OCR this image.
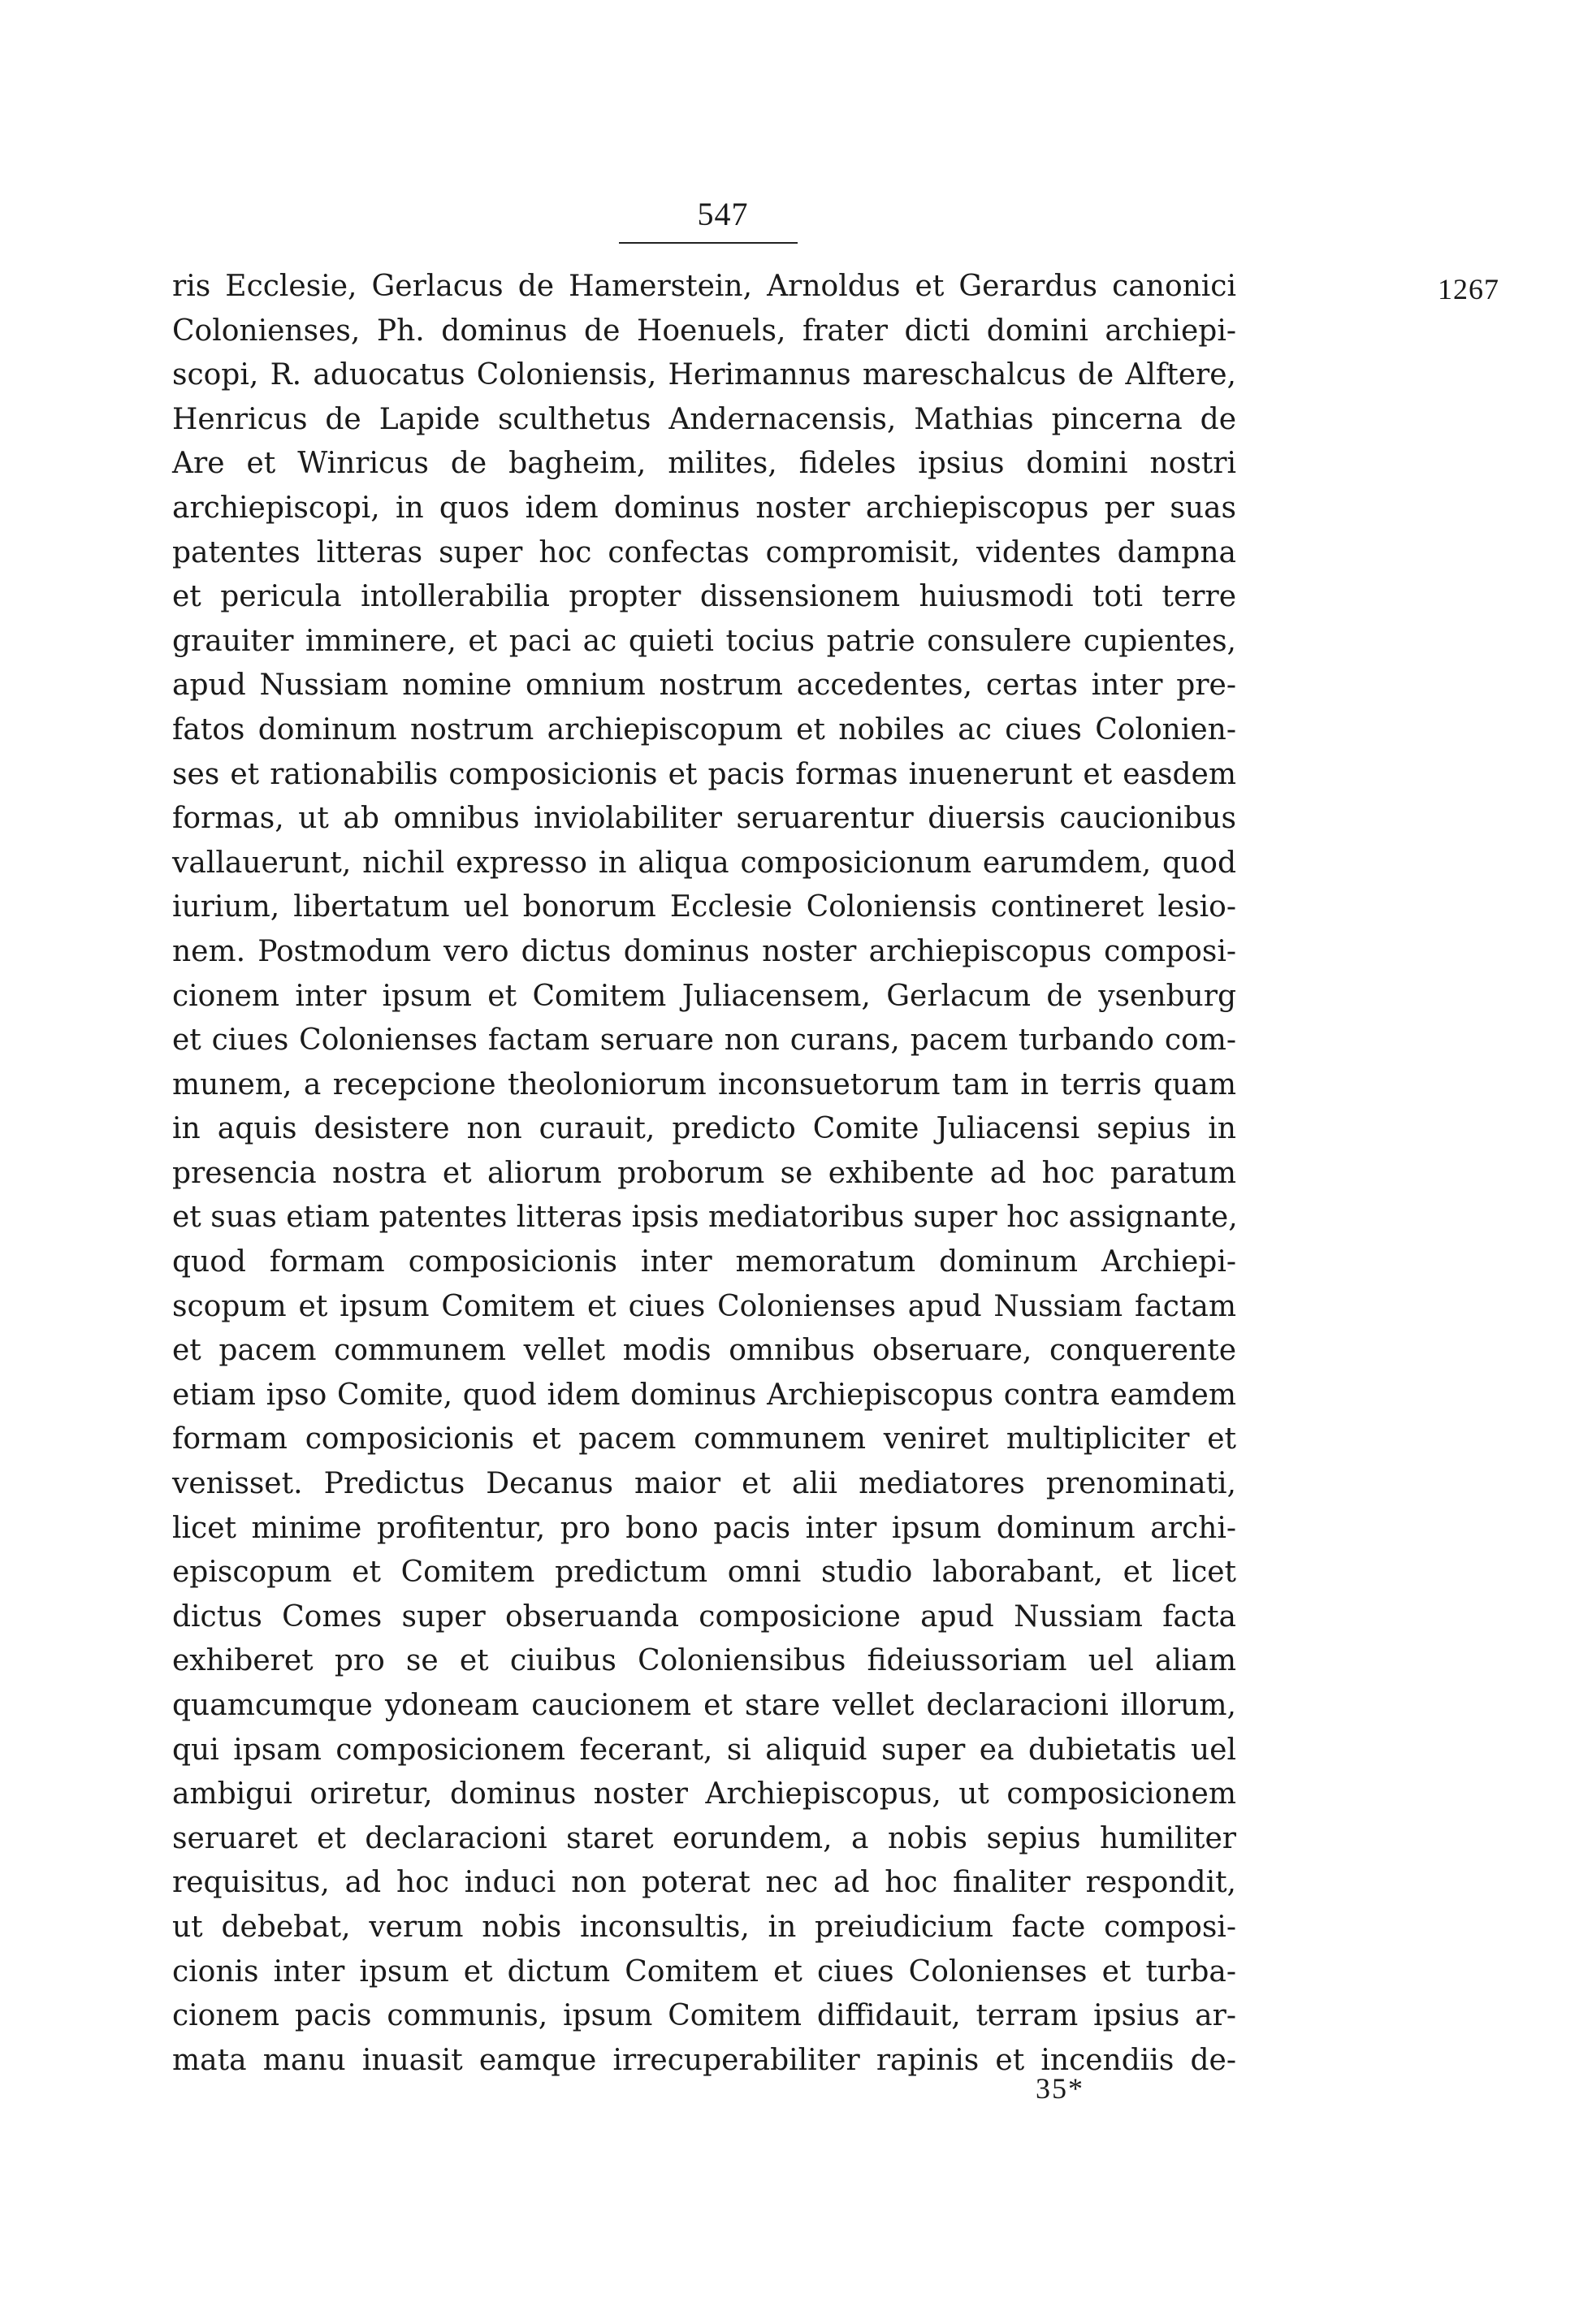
547
1267
ris Ecclesie, Gerlacus de Hamerstein, Arnoldus et Gerardus canonici
Colonienses, Ph. dominus de Hoenuels, frater dicti domini archiepi-
scopi, R. aduocatus Coloniensis, Herimannus mareschalcus de Alftere,
Henricus de Lapide sculthetus Andernacensis, Mathias pincerna de
Are et Winricus de bagheim, milites, fideles ipsius domini nostri
archiepiscopi, in quos idem dominus noster archiepiscopus per suas
patentes litteras super hoc confectas compromisit, videntes dampna
et pericula intollerabilia propter dissensionem huiusmodi toti terre
grauiter imminere, et paci ac quieti tocius patrie consulere cupientes,
apud Nussiam nomine omnium nostrum accedentes, certas inter pre-
fatos dominum nostrum archiepiscopum et nobiles ac ciues Colonien-
ses et rationabilis composicionis et pacis formas inuenerunt et easdem
formas, ut ab omnibus inviolabiliter seruarentur diuersis caucionibus
vallauerunt, nichil expresso in aliqua composicionum earumdem, quod
iurium, libertatum uel bonorum Ecclesie Coloniensis contineret lesio-
nem. Postmodum vero dictus dominus noster archiepiscopus composi-
cionem inter ipsum et Comitem Juliacensem, Gerlacum de ysenburg
et ciues Colonienses factam seruare non curans, pacem turbando com-
munem, a recepcione theoloniorum inconsuetorum tam in terris quam
in aquis desistere non curauit, predicto Comite Juliacensi sepius in
presencia nostra et aliorum proborum se exhibente ad hoc paratum
et suas etiam patentes litteras ipsis mediatoribus super hoc assignante,
quod formam composicionis inter memoratum dominum Archiepi-
scopum et ipsum Comitem et ciues Colonienses apud Nussiam factam
et pacem communem vellet modis omnibus obseruare, conquerente
etiam ipso Comite, quod idem dominus Archiepiscopus contra eamdem
formam composicionis et pacem communem veniret multipliciter et
venisset. Predictus Decanus maior et alii mediatores prenominati,
licet minime profitentur, pro bono pacis inter ipsum dominum archi-
episcopum et Comitem predictum omni studio laborabant, et licet
dictus Comes super obseruanda composicione apud Nussiam facta
exhiberet pro se et ciuibus Coloniensibus fideiussoriam uel aliam
quamcumque ydoneam caucionem et stare vellet declaracioni illorum,
qui ipsam composicionem fecerant, si aliquid super ea dubietatis uel
ambigui oriretur, dominus noster Archiepiscopus, ut composicionem
seruaret et declaracioni staret eorundem, a nobis sepius humiliter
requisitus, ad hoc induci non poterat nec ad hoc finaliter respondit,
ut debebat, verum nobis inconsultis, in preiudicium facte composi-
cionis inter ipsum et dictum Comitem et ciues Colonienses et turba-
cionem pacis communis, ipsum Comitem diffidauit, terram ipsius ar-
mata manu inuasit eamque irrecuperabiliter rapinis et incendiis de-
35*
